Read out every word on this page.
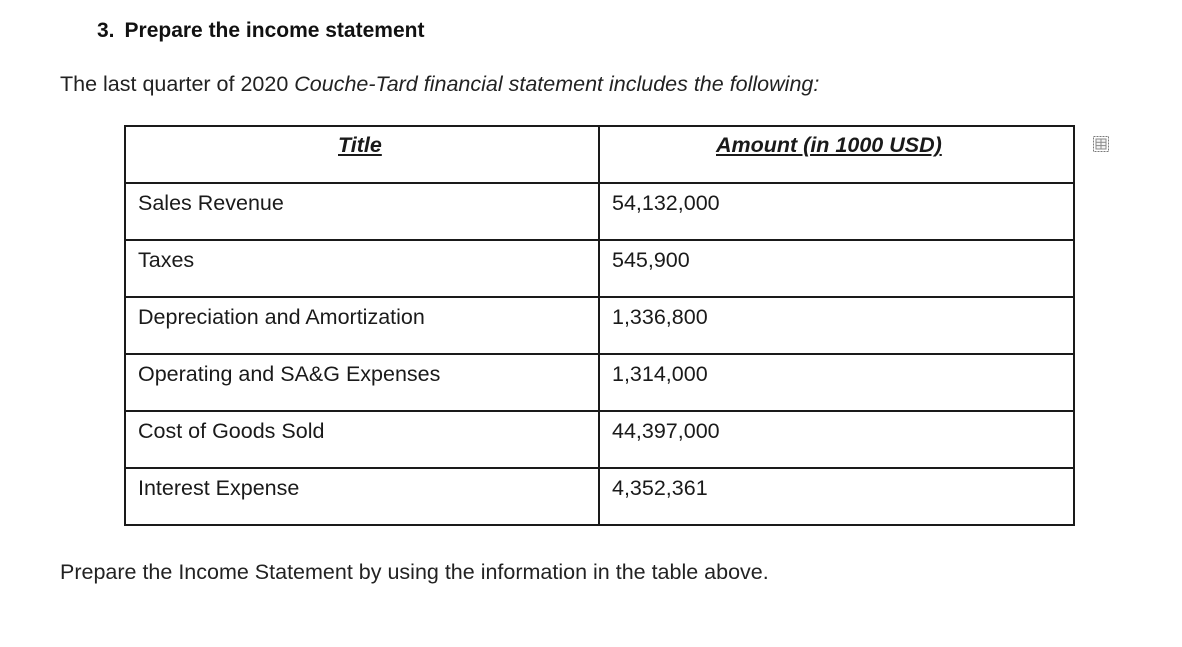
3. Prepare the income statement
The last quarter of 2020 Couche-Tard financial statement includes the following:
Title	Amount (in 1000 USD)
Sales Revenue	54,132,000
Taxes	545,900
Depreciation and Amortization	1,336,800
Operating and SA&G Expenses	1,314,000
Cost of Goods Sold	44,397,000
Interest Expense	4,352,361
Prepare the Income Statement by using the information in the table above.
